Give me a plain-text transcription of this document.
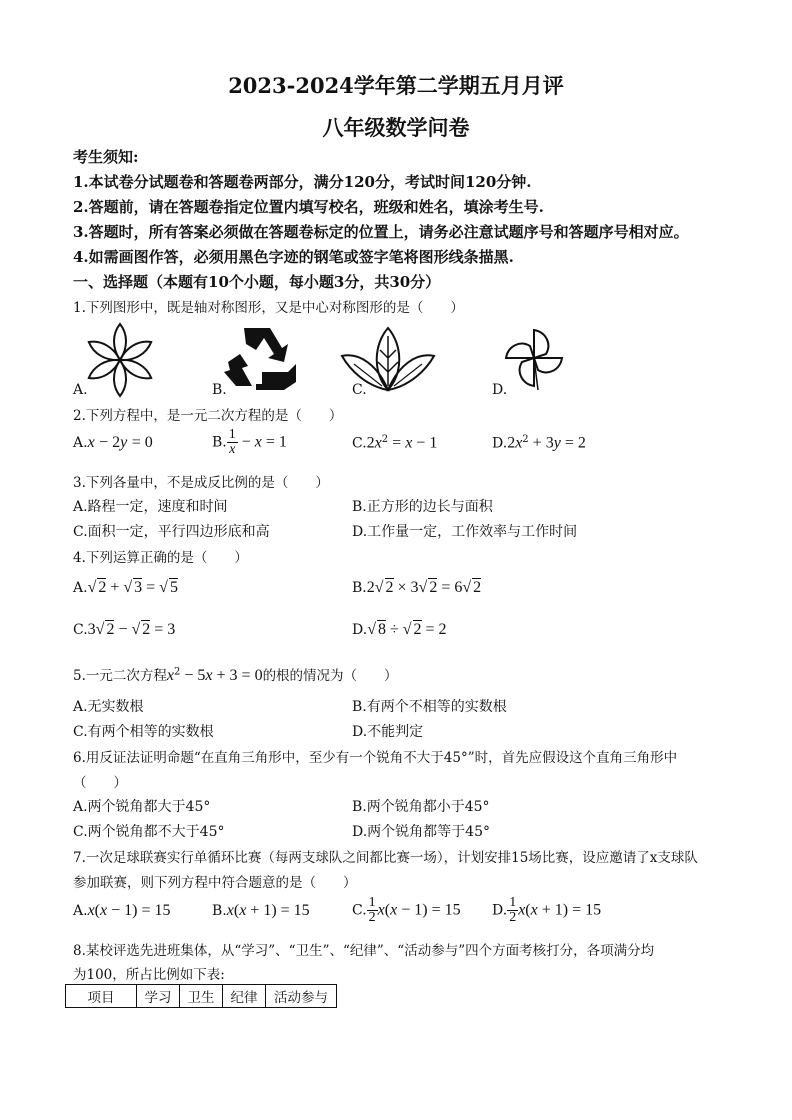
2023-2024学年第二学期五月月评
八年级数学问卷
考生须知:
1.本试卷分试题卷和答题卷两部分，满分120分，考试时间120分钟.
2.答题前，请在答题卷指定位置内填写校名，班级和姓名，填涂考生号.
3.答题时，所有答案必须做在答题卷标定的位置上，请务必注意试题序号和答题序号相对应。
4.如需画图作答，必须用黑色字迹的钢笔或签字笔将图形线条描黑.
一、选择题（本题有10个小题，每小题3分，共30分）
1.下列图形中，既是轴对称图形，又是中心对称图形的是（　　）
A.	B.	C.	D.
2.下列方程中，是一元二次方程的是（　　）
A.x − 2y = 0	B. $\frac{1}{x} - x = 1$	$C.2x^2 = x - 1$	$D.2x^2 + 3y = 2$
3.下列各量中，不是成反比例的是（　　）
A.路程一定，速度和时间	B.正方形的边长与面积
C.面积一定，平行四边形底和高	D.工作量一定，工作效率与工作时间
4.下列运算正确的是（　　）
A.√ 2 + √ 3 = √ 5	B.2√ 2 × 3√ 2 = 6√ 2
C.3√ 2 − √ 2 = 3	D.√ 8 ÷ √ 2 = 2
5.一元二次方程$x^2 - 5x + 3 = 0$的根的情况为（　　）
A.无实数根	B.有两个不相等的实数根
C.有两个相等的实数根	D.不能判定
6.用反证法证明命题“在直角三角形中，至少有一个锐角不大于45°”时，首先应假设这个直角三角形中
（　　）
A.两个锐角都大于45°	B.两个锐角都小于45°
C.两个锐角都不大于45°	D.两个锐角都等于45°
7.一次足球联赛实行单循环比赛（每两支球队之间都比赛一场），计划安排15场比赛，设应邀请了x支球队
参加联赛，则下列方程中符合题意的是（　　）
A.x(x − 1) = 15	B.x(x + 1) = 15	C. $\frac{1}{2} x(x - 1) = 15$ D. $\frac{1}{2} x(x + 1) = 15$
8.某校评选先进班集体，从“学习”、“卫生”、“纪律”、“活动参与”四个方面考核打分，各项满分均
为100，所占比例如下表:
项目	学习	卫生	纪律	活动参与
